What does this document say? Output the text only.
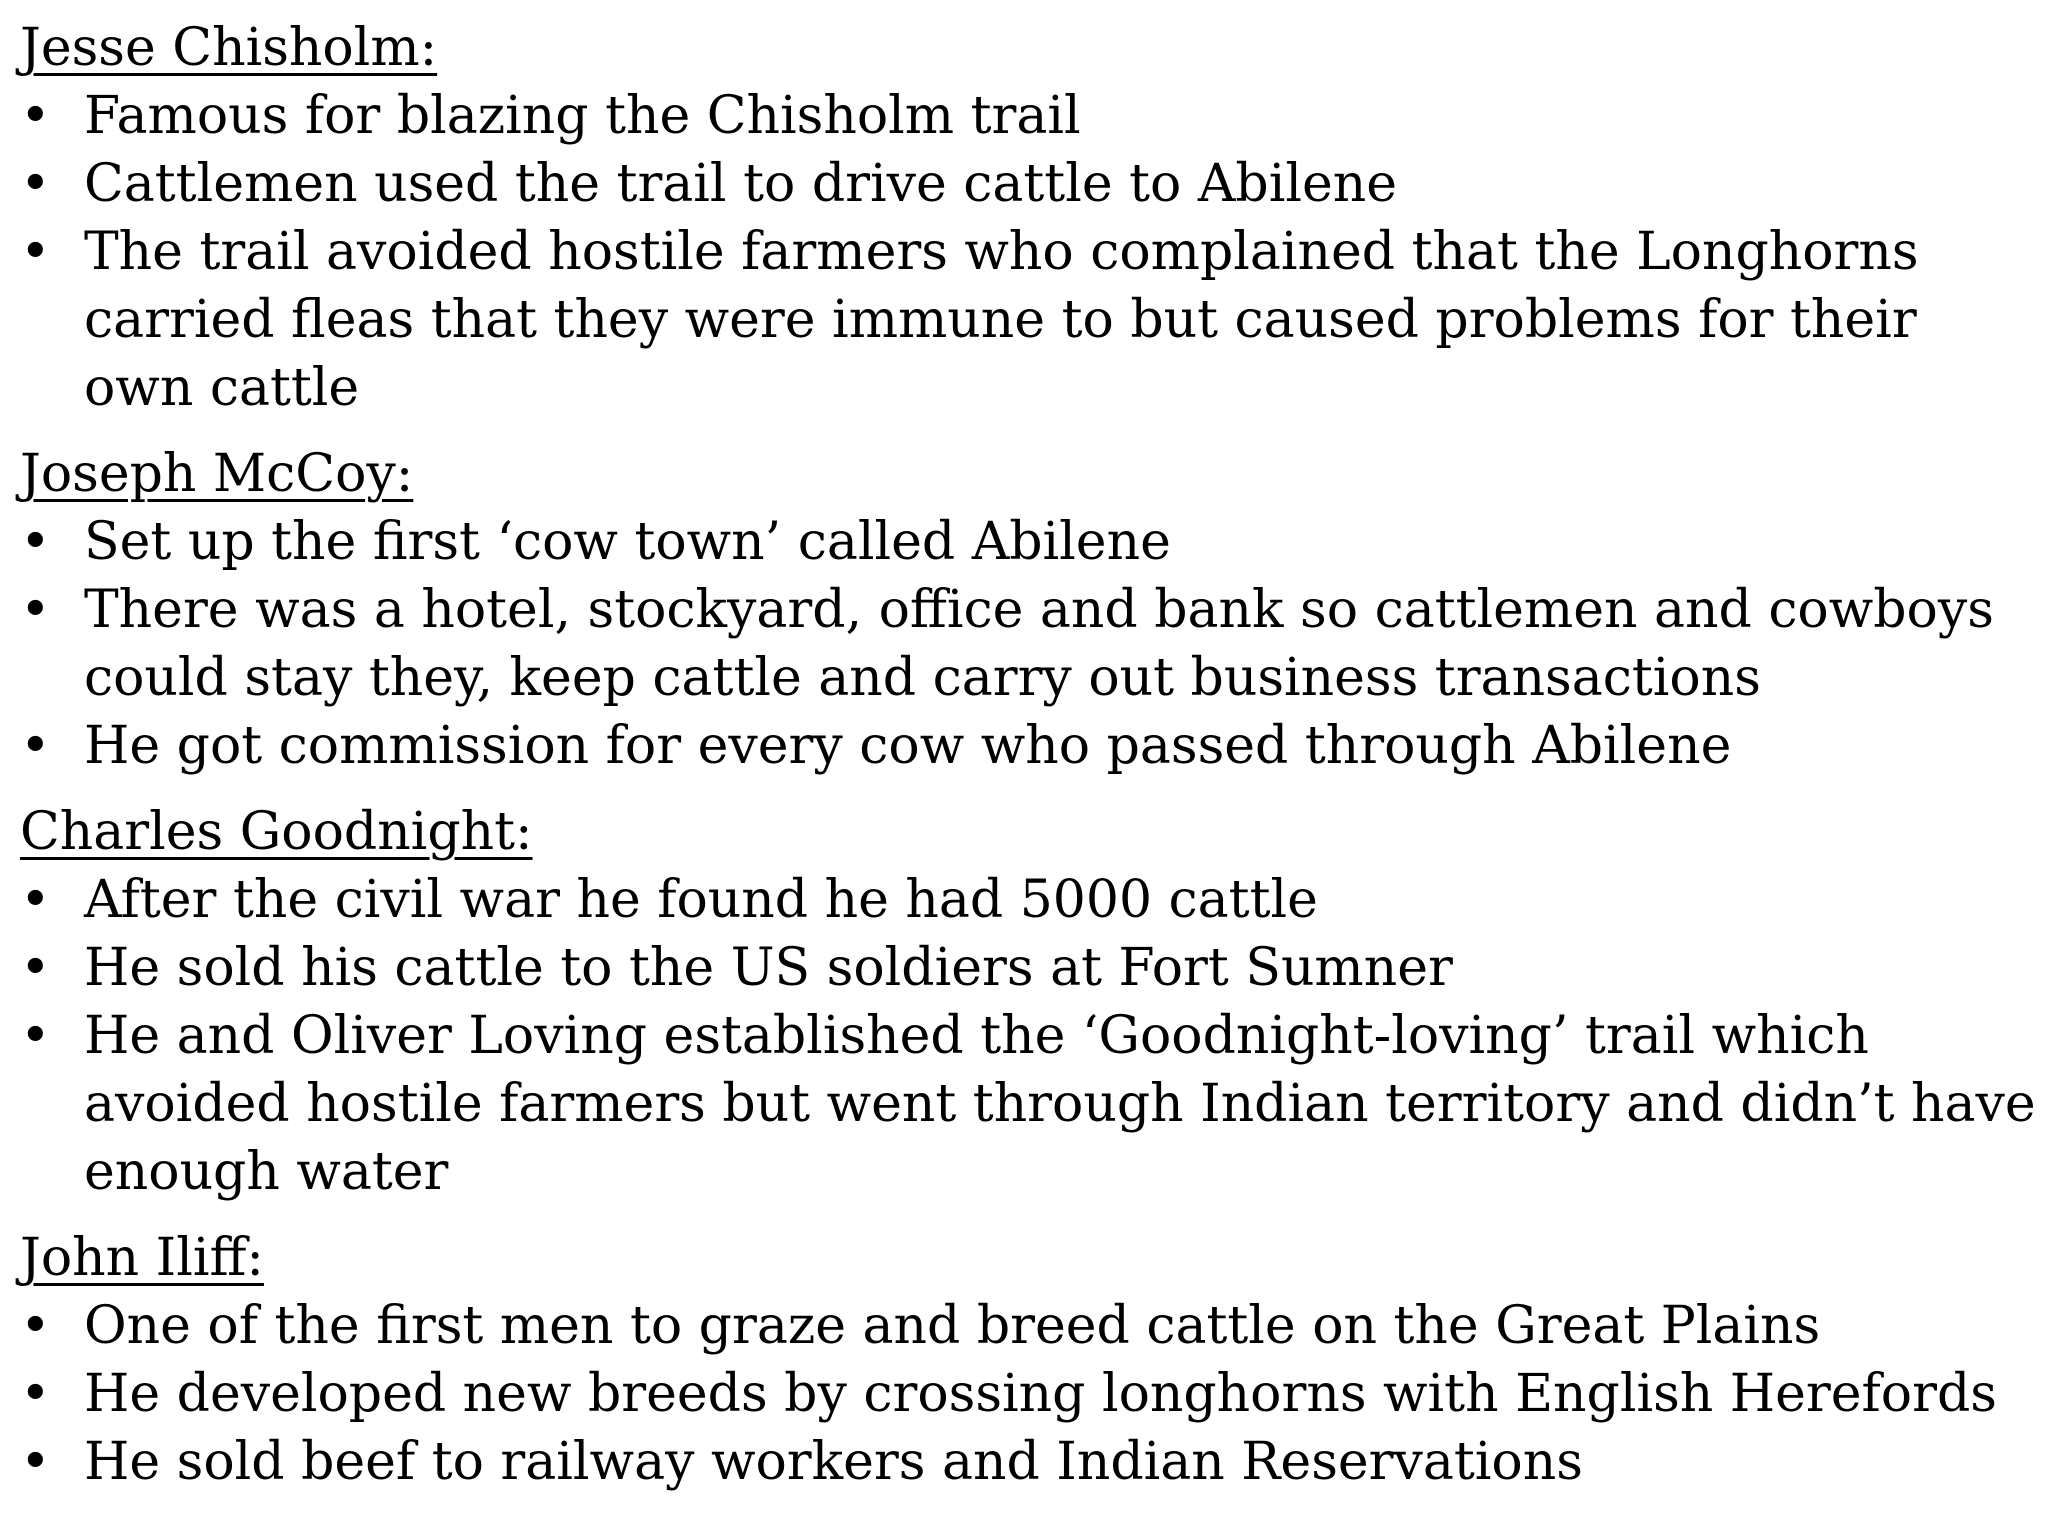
Jesse Chisholm:
• Famous for blazing the Chisholm trail
• Cattlemen used the trail to drive cattle to Abilene
• The trail avoided hostile farmers who complained that the Longhorns carried fleas that they were immune to but caused problems for their own cattle
Joseph McCoy:
• Set up the first ‘cow town’ called Abilene
• There was a hotel, stockyard, office and bank so cattlemen and cowboys could stay they, keep cattle and carry out business transactions
• He got commission for every cow who passed through Abilene
Charles Goodnight:
• After the civil war he found he had 5000 cattle
• He sold his cattle to the US soldiers at Fort Sumner
• He and Oliver Loving established the ‘Goodnight-loving’ trail which avoided hostile farmers but went through Indian territory and didn’t have enough water
John Iliff:
• One of the first men to graze and breed cattle on the Great Plains
• He developed new breeds by crossing longhorns with English Herefords
• He sold beef to railway workers and Indian Reservations
